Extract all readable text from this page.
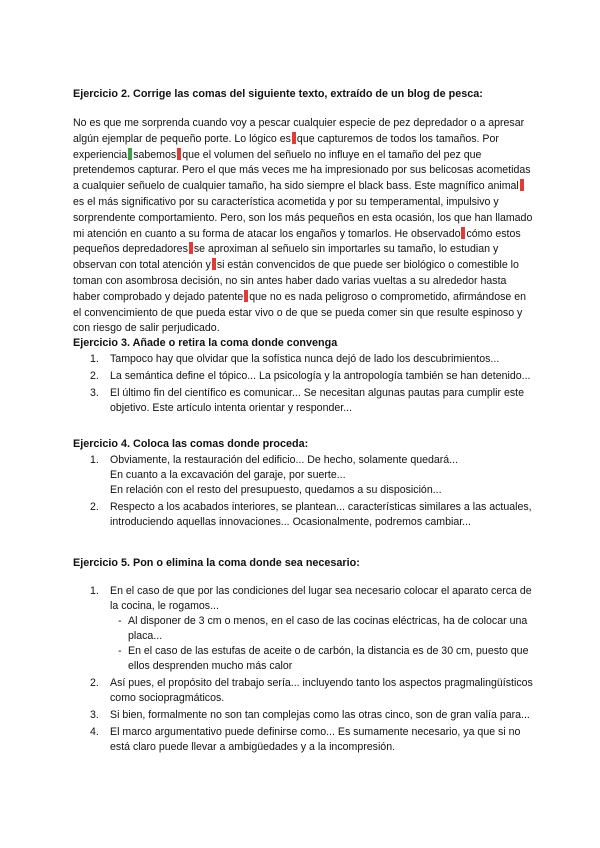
Ejercicio 2. Corrige las comas del siguiente texto, extraído de un blog de pesca:

No es que me sorprenda cuando voy a pescar cualquier especie de pez depredador o a apresar algún ejemplar de pequeño porte. Lo lógico es que capturemos de todos los tamaños. Por experiencia sabemos que el volumen del señuelo no influye en el tamaño del pez que pretendemos capturar. Pero el que más veces me ha impresionado por sus belicosas acometidas a cualquier señuelo de cualquier tamaño, ha sido siempre el black bass. Este magnífico animales el más significativo por su característica acometida y por su temperamental, impulsivo y sorprendente comportamiento. Pero, son los más pequeños en esta ocasión, los que han llamado mi atención en cuanto a su forma de atacar los engaños y tomarlos. He observado cómo estos pequeños depredadores se aproximan al señuelo sin importarles su tamaño, lo estudian y observan con total atención y si están convencidos de que puede ser biológico o comestible lo toman con asombrosa decisión, no sin antes haber dado varias vueltas a su alrededor hasta haber comprobado y dejado patente que no es nada peligroso o comprometido, afirmándose en el convencimiento de que pueda estar vivo o de que se pueda comer sin que resulte espinoso y con riesgo de salir perjudicado.

Ejercicio 3. Añade o retira la coma donde convenga
1. Tampoco hay que olvidar que la sofística nunca dejó de lado los descubrimientos...
2. La semántica define el tópico... La psicología y la antropología también se han detenido...
3. El último fin del científico es comunicar... Se necesitan algunas pautas para cumplir este objetivo. Este artículo intenta orientar y responder...
Ejercicio 4. Coloca las comas donde proceda:
1. Obviamente, la restauración del edificio... De hecho, solamente quedará...
En cuanto a la excavación del garaje, por suerte...
En relación con el resto del presupuesto, quedamos a su disposición...
2. Respecto a los acabados interiores, se plantean... características similares a las actuales, introduciendo aquellas innovaciones... Ocasionalmente, podremos cambiar...
Ejercicio 5. Pon o elimina la coma donde sea necesario:
1. En el caso de que por las condiciones del lugar sea necesario colocar el aparato cerca de la cocina, le rogamos...
- Al disponer de 3 cm o menos, en el caso de las cocinas eléctricas, ha de colocar una placa...
- En el caso de las estufas de aceite o de carbón, la distancia es de 30 cm, puesto que ellos desprenden mucho más calor
2. Así pues, el propósito del trabajo sería... incluyendo tanto los aspectos pragmalingüísticos como sociopragmáticos.
3. Si bien, formalmente no son tan complejas como las otras cinco, son de gran valía para...
4. El marco argumentativo puede definirse como... Es sumamente necesario, ya que si no está claro puede llevar a ambigüedades y a la incompresión.
